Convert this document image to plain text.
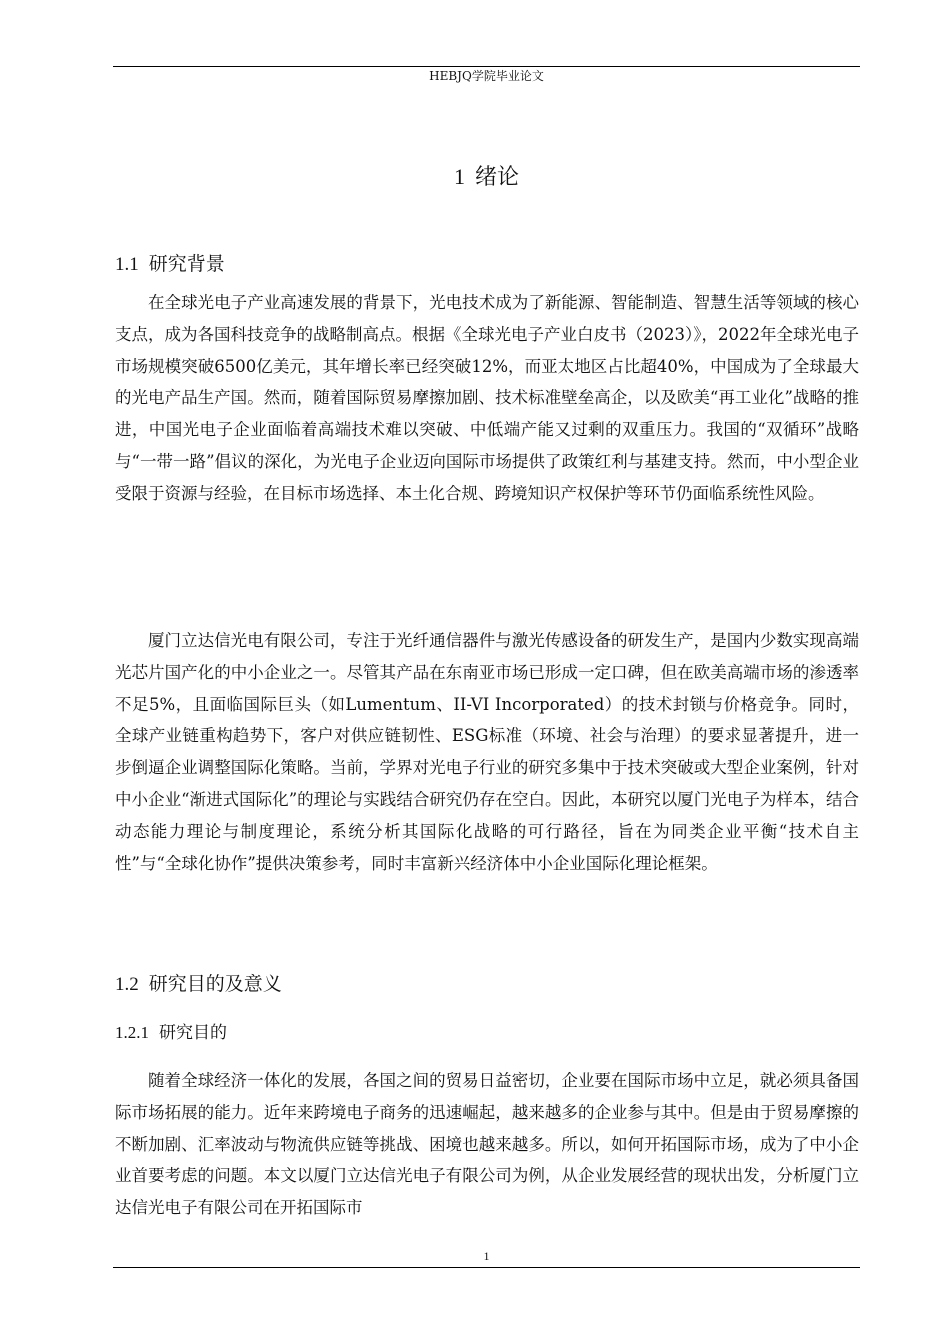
HEBJQ学院毕业论文
1 绪论
1.1 研究背景

在全球光电子产业高速发展的背景下，光电技术成为了新能源、智能制造、智慧生活等领域的核心支点，成为各国科技竞争的战略制高点。根据《全球光电子产业白皮书（2023）》，2022年全球光电子市场规模突破6500亿美元，其年增长率已经突破12%，而亚太地区占比超40%，中国成为了全球最大的光电产品生产国。然而，随着国际贸易摩擦加剧、技术标准壁垒高企，以及欧美“再工业化”战略的推进，中国光电子企业面临着高端技术难以突破、中低端产能又过剩的双重压力。我国的“双循环”战略与“一带一路”倡议的深化，为光电子企业迈向国际市场提供了政策红利与基建支持。然而，中小型企业受限于资源与经验，在目标市场选择、本土化合规、跨境知识产权保护等环节仍面临系统性风险。

厦门立达信光电有限公司，专注于光纤通信器件与激光传感设备的研发生产，是国内少数实现高端光芯片国产化的中小企业之一。尽管其产品在东南亚市场已形成一定口碑，但在欧美高端市场的渗透率不足5%，且面临国际巨头（如Lumentum、II-VI Incorporated）的技术封锁与价格竞争。同时，全球产业链重构趋势下，客户对供应链韧性、ESG标准（环境、社会与治理）的要求显著提升，进一步倒逼企业调整国际化策略。当前，学界对光电子行业的研究多集中于技术突破或大型企业案例，针对中小企业“渐进式国际化”的理论与实践结合研究仍存在空白。因此，本研究以厦门光电子为样本，结合动态能力理论与制度理论，系统分析其国际化战略的可行路径，旨在为同类企业平衡“技术自主性”与“全球化协作”提供决策参考，同时丰富新兴经济体中小企业国际化理论框架。

1.2 研究目的及意义
1.2.1 研究目的

随着全球经济一体化的发展，各国之间的贸易日益密切，企业要在国际市场中立足，就必须具备国际市场拓展的能力。近年来跨境电子商务的迅速崛起，越来越多的企业参与其中。但是由于贸易摩擦的不断加剧、汇率波动与物流供应链等挑战、困境也越来越多。所以，如何开拓国际市场，成为了中小企业首要考虑的问题。本文以厦门立达信光电子有限公司为例，从企业发展经营的现状出发，分析厦门立达信光电子有限公司在开拓国际市

1
